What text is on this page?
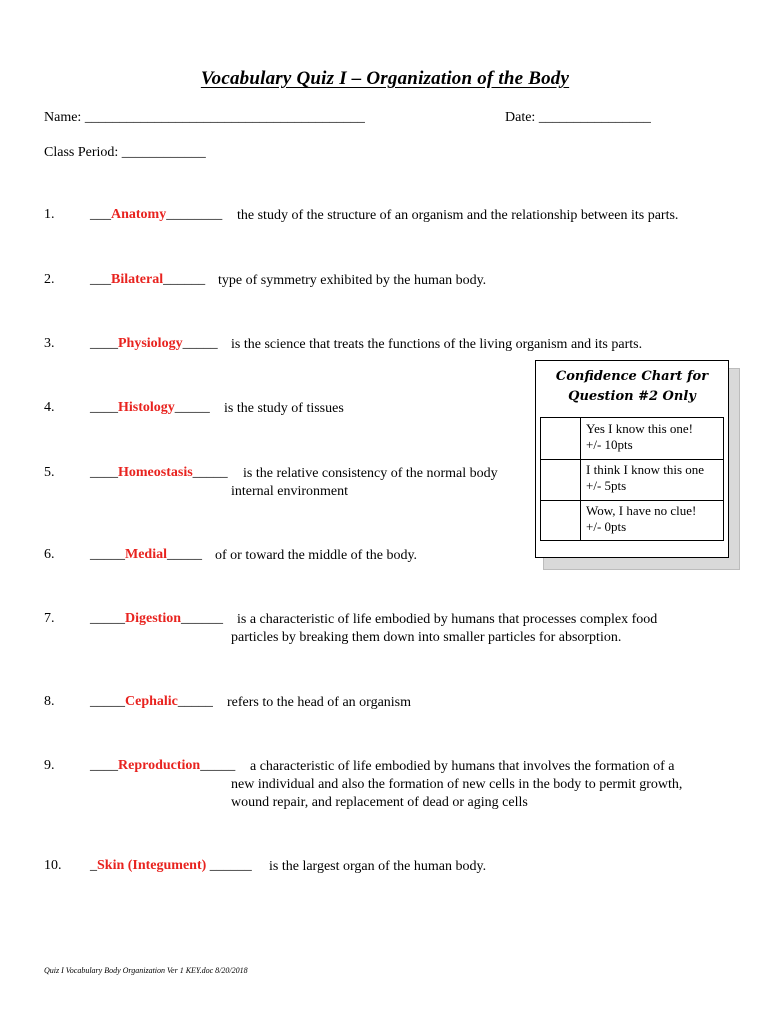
Vocabulary Quiz I – Organization of the Body
Name: ________________________________________	Date: ________________
Class Period: ____________
1.	___Anatomy________ the study of the structure of an organism and the relationship between its parts.
2.	___Bilateral______ type of symmetry exhibited by the human body.
3.	____Physiology_____ is the science that treats the functions of the living organism and its parts.
4.	____Histology_____ is the study of tissues
5.	____Homeostasis_____ is the relative consistency of the normal body
internal environment
6.	_____Medial_____ of or toward the middle of the body.
7.	_____Digestion______ is a characteristic of life embodied by humans that processes complex food
particles by breaking them down into smaller particles for absorption.
8.	_____Cephalic_____ refers to the head of an organism
9.	____Reproduction_____ a characteristic of life embodied by humans that involves the formation of a
new individual and also the formation of new cells in the body to permit growth,
wound repair, and replacement of dead or aging cells
10. _Skin (Integument) ______ is the largest organ of the human body.
Confidence Chart for Question #2 Only
Yes I know this one!
+/- 10pts
I think I know this one
+/- 5pts
Wow, I have no clue!
+/- 0pts
Quiz I Vocabulary Body Organization Ver 1 KEY.doc 8/20/2018
